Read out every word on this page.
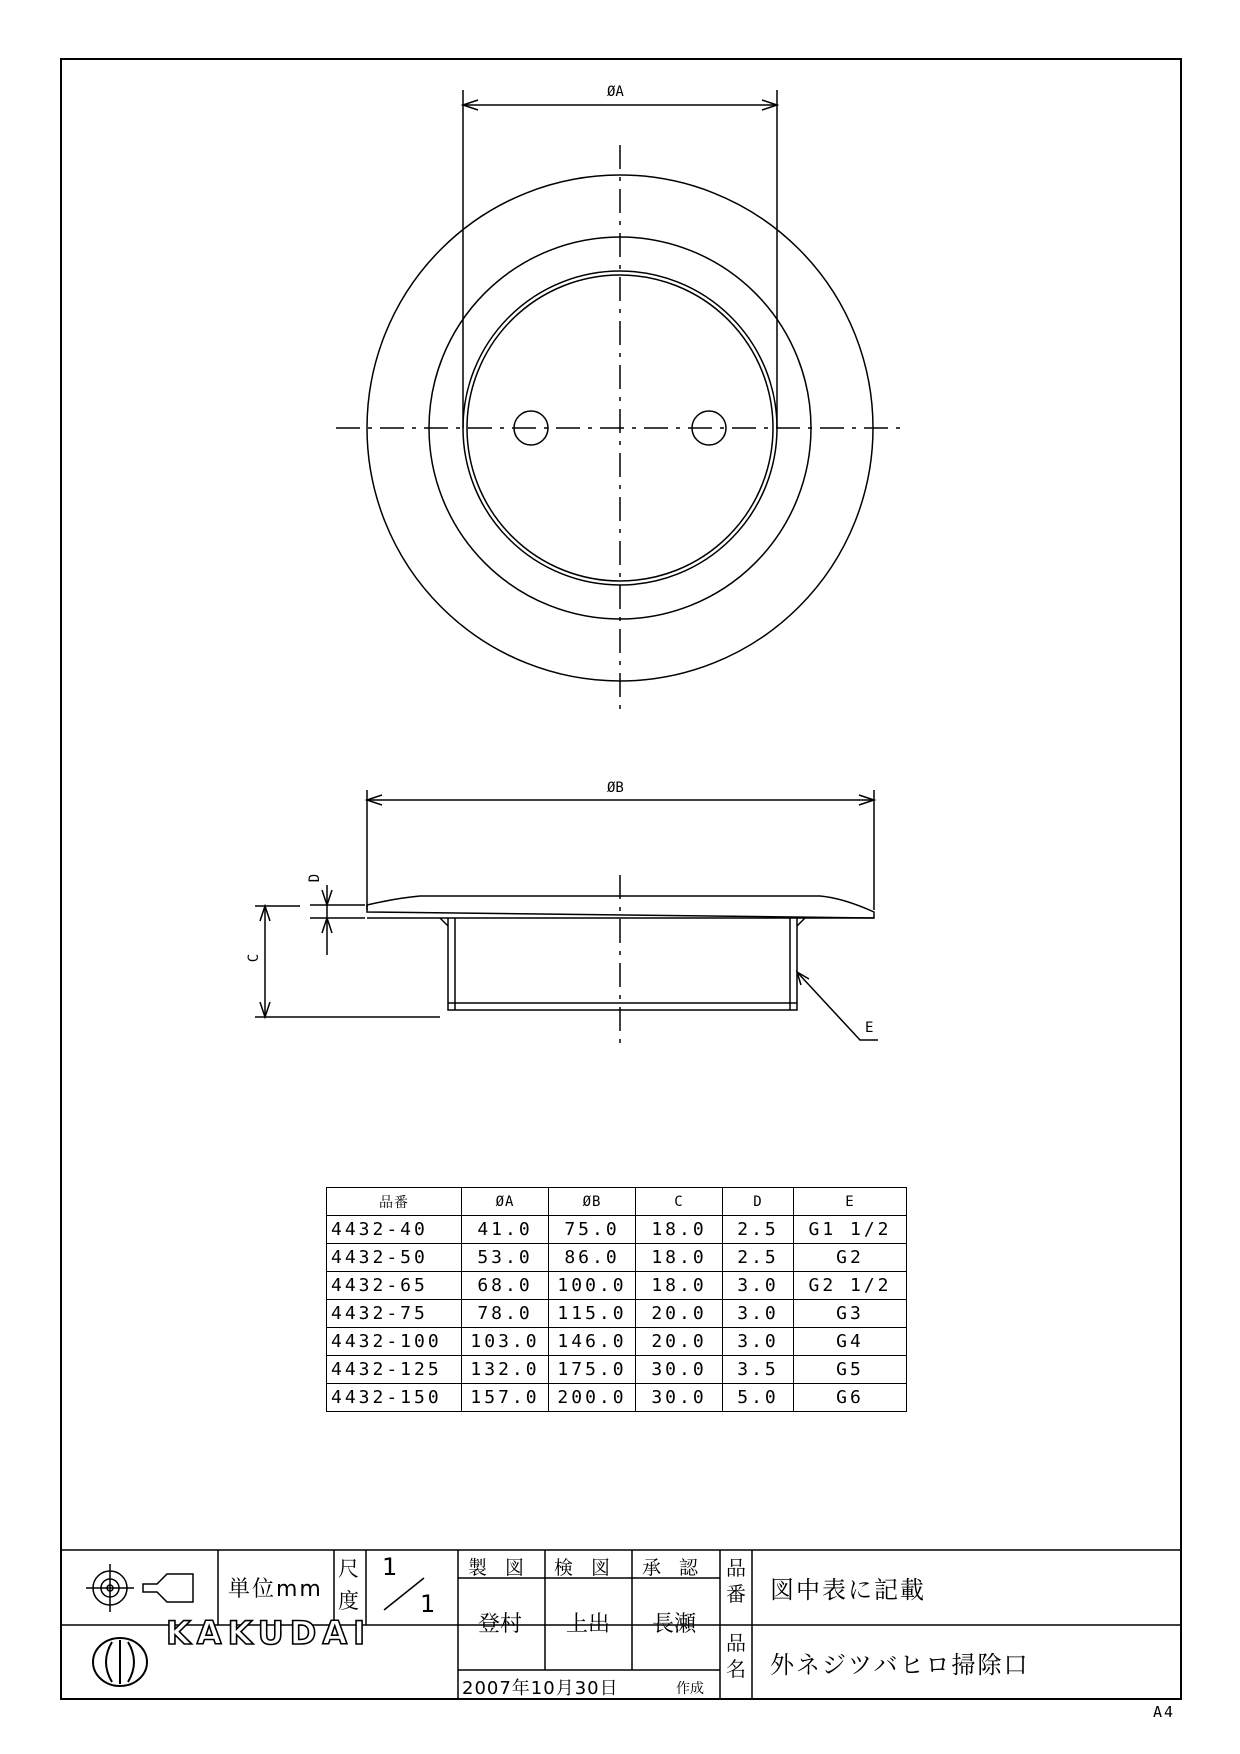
ØA
ØB
C
D
E
品番	ØA	ØB	C	D	E
4432-40	41.0	75.0	18.0	2.5	G1 1/2
4432-50	53.0	86.0	18.0	2.5	G2
4432-65	68.0	100.0	18.0	3.0	G2 1/2
4432-75	78.0	115.0	20.0	3.0	G3
4432-100	103.0	146.0	20.0	3.0	G4
4432-125	132.0	175.0	30.0	3.5	G5
4432-150	157.0	200.0	30.0	5.0	G6
単位mm
尺
度
1
1
製 図 検 図 承 認
登村 上出 長瀬
2007年10月30日	作成
品
番 図中表に記載
品
名 外ネジツバヒロ掃除口
KAKUDAI
A4
